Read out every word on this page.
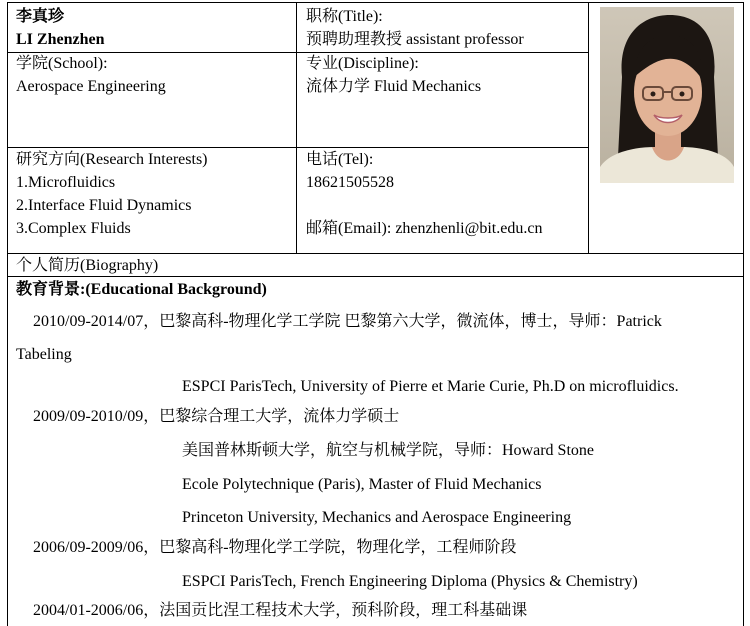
李真珍
LI Zhenzhen
职称(Title):
预聘助理教授 assistant professor
学院(School):
Aerospace Engineering
专业(Discipline):
流体力学 Fluid Mechanics
研究方向(Research Interests)
1.Microfluidics
2.Interface Fluid Dynamics
3.Complex Fluids
电话(Tel):
18621505528
邮箱(Email): zhenzhenli@bit.edu.cn
个人简历(Biography)
教育背景:(Educational Background)
2010/09-2014/07，巴黎高科-物理化学工学院 巴黎第六大学，微流体，博士，导师：Patrick
Tabeling
ESPCI ParisTech, University of Pierre et Marie Curie, Ph.D on microfluidics.
2009/09-2010/09，巴黎综合理工大学，流体力学硕士
美国普林斯顿大学，航空与机械学院，导师：Howard Stone
Ecole Polytechnique (Paris), Master of Fluid Mechanics
Princeton University, Mechanics and Aerospace Engineering
2006/09-2009/06，巴黎高科-物理化学工学院，物理化学，工程师阶段
ESPCI ParisTech, French Engineering Diploma (Physics & Chemistry)
2004/01-2006/06，法国贡比涅工程技术大学，预科阶段，理工科基础课
